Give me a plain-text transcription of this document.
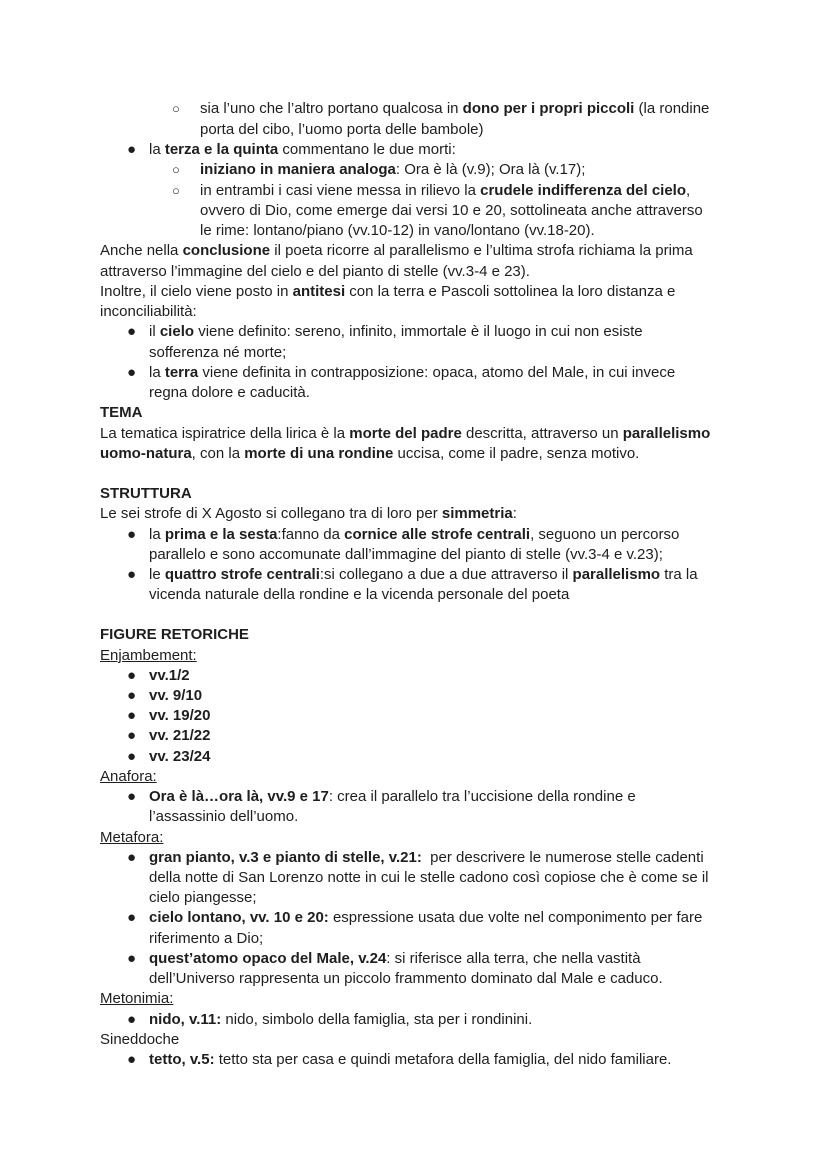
○ sia l’uno che l’altro portano qualcosa in dono per i propri piccoli (la rondine
porta del cibo, l’uomo porta delle bambole)
● la terza e la quinta commentano le due morti:
○ iniziano in maniera analoga: Ora è là (v.9); Ora là (v.17);
○ in entrambi i casi viene messa in rilievo la crudele indifferenza del cielo,
ovvero di Dio, come emerge dai versi 10 e 20, sottolineata anche attraverso
le rime: lontano/piano (vv.10-12) in vano/lontano (vv.18-20).
Anche nella conclusione il poeta ricorre al parallelismo e l’ultima strofa richiama la prima
attraverso l’immagine del cielo e del pianto di stelle (vv.3-4 e 23).
Inoltre, il cielo viene posto in antitesi con la terra e Pascoli sottolinea la loro distanza e
inconciliabilità:
● il cielo viene definito: sereno, infinito, immortale è il luogo in cui non esiste
sofferenza né morte;
● la terra viene definita in contrapposizione: opaca, atomo del Male, in cui invece
regna dolore e caducità.
TEMA
La tematica ispiratrice della lirica è la morte del padre descritta, attraverso un parallelismo
uomo-natura, con la morte di una rondine uccisa, come il padre, senza motivo.
STRUTTURA
Le sei strofe di X Agosto si collegano tra di loro per simmetria:
● la prima e la sesta:fanno da cornice alle strofe centrali, seguono un percorso
parallelo e sono accomunate dall’immagine del pianto di stelle (vv.3-4 e v.23);
● le quattro strofe centrali:si collegano a due a due attraverso il parallelismo tra la
vicenda naturale della rondine e la vicenda personale del poeta
FIGURE RETORICHE
Enjambement:
● vv.1/2
● vv. 9/10
● vv. 19/20
● vv. 21/22
● vv. 23/24
Anafora:
● Ora è là…ora là, vv.9 e 17: crea il parallelo tra l’uccisione della rondine e
l’assassinio dell’uomo.
Metafora:
● gran pianto, v.3 e pianto di stelle, v.21:  per descrivere le numerose stelle cadenti
della notte di San Lorenzo notte in cui le stelle cadono così copiose che è come se il
cielo piangesse;
● cielo lontano, vv. 10 e 20: espressione usata due volte nel componimento per fare
riferimento a Dio;
● quest’atomo opaco del Male, v.24: si riferisce alla terra, che nella vastità
dell’Universo rappresenta un piccolo frammento dominato dal Male e caduco.
Metonimia:
● nido, v.11: nido, simbolo della famiglia, sta per i rondinini.
Sineddoche
● tetto, v.5: tetto sta per casa e quindi metafora della famiglia, del nido familiare.
